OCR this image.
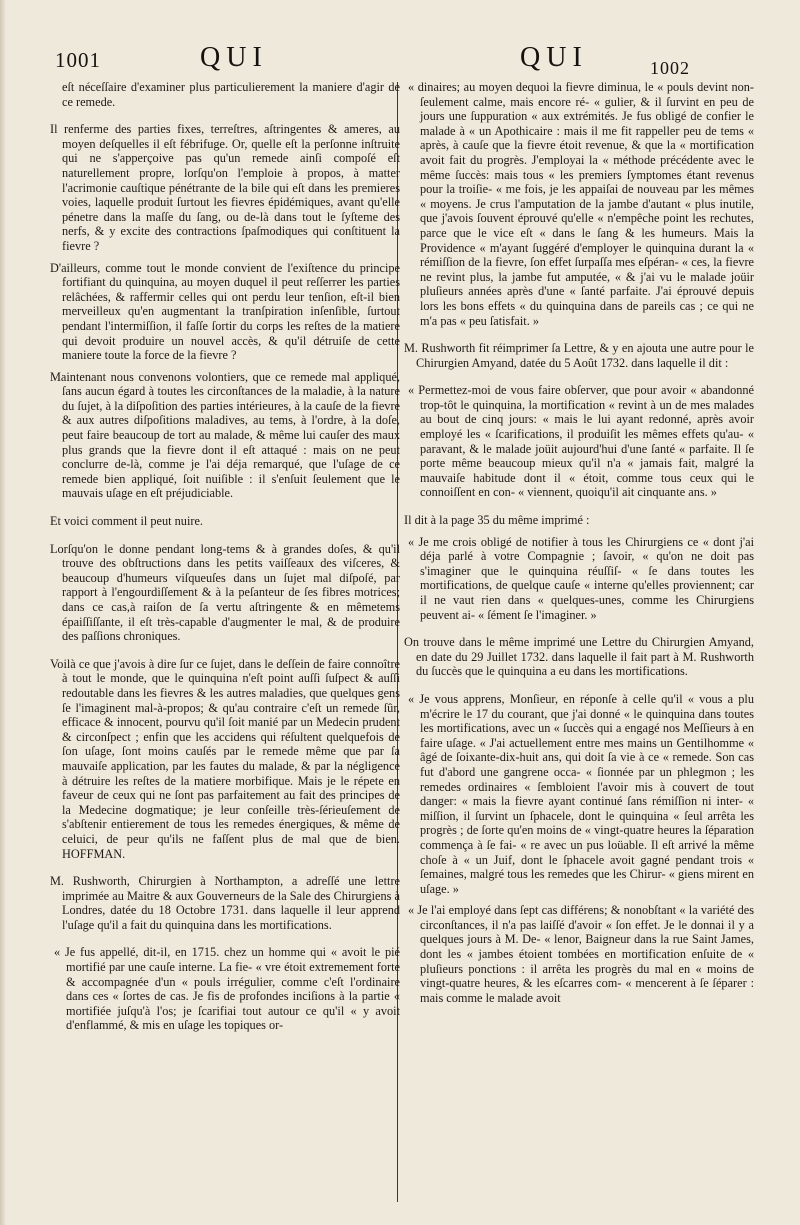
1001	QUI	QUI	1002

eſt néceſſaire d'examiner plus particulierement la maniere d'agir de ce remede.

Il renferme des parties fixes, terreſtres, aſtringentes & ameres, au moyen deſquelles il eſt fébrifuge. Or, quelle eſt la perſonne inſtruite qui ne s'apperçoive pas qu'un remede ainſi compoſé eſt naturellement propre, lorſqu'on l'emploie à propos, à matter l'acrimonie cauſtique pénétrante de la bile qui eſt dans les premieres voies, laquelle produit ſurtout les fievres épidémiques, avant qu'elle pénetre dans la maſſe du ſang, ou de-là dans tout le ſyſteme des nerfs, & y excite des contractions ſpaſmodiques qui conſtituent la fievre ?

D'ailleurs, comme tout le monde convient de l'exiſtence du principe fortifiant du quinquina, au moyen duquel il peut reſſerrer les parties relâchées, & raffermir celles qui ont perdu leur tenſion, eſt-il bien merveilleux qu'en augmentant la tranſpiration inſenſible, ſurtout pendant l'intermiſſion, il faſſe ſortir du corps les reſtes de la matiere qui devoit produire un nouvel accès, & qu'il détruiſe de cette maniere toute la force de la fievre ?

Maintenant nous convenons volontiers, que ce remede mal appliqué, ſans aucun égard à toutes les circonſtances de la maladie, à la nature du ſujet, à la diſpoſition des parties intérieures, à la cauſe de la fievre & aux autres diſpoſitions maladives, au tems, à l'ordre, à la doſe, peut faire beaucoup de tort au malade, & même lui cauſer des maux plus grands que la fievre dont il eſt attaqué : mais on ne peut conclurre de-là, comme je l'ai déja remarqué, que l'uſage de ce remede bien appliqué, ſoit nuiſible : il s'enſuit ſeulement que le mauvais uſage en eſt préjudiciable.

Et voici comment il peut nuire.

Lorſqu'on le donne pendant long-tems & à grandes doſes, & qu'il trouve des obſtructions dans les petits vaiſſeaux des viſceres, & beaucoup d'humeurs viſqueuſes dans un ſujet mal diſpoſé, par rapport à l'engourdiſſement & à la peſanteur de ſes fibres motrices; dans ce cas,à raiſon de ſa vertu aſtringente & en mêmetems épaiſſiſſante, il eſt très-capable d'augmenter le mal, & de produire des paſſions chroniques.

Voilà ce que j'avois à dire ſur ce ſujet, dans le deſſein de faire connoître à tout le monde, que le quinquina n'eſt point auſſi ſuſpect & auſſi redoutable dans les fievres & les autres maladies, que quelques gens ſe l'imaginent mal-à-propos; & qu'au contraire c'eſt un remede ſûr, efficace & innocent, pourvu qu'il ſoit manié par un Medecin prudent & circonſpect ; enfin que les accidens qui réſultent quelquefois de ſon uſage, ſont moins cauſés par le remede même que par ſa mauvaiſe application, par les fautes du malade, & par la négligence à détruire les reſtes de la matiere morbifique. Mais je le répete en faveur de ceux qui ne ſont pas parfaitement au fait des principes de la Medecine dogmatique; je leur conſeille très-ſérieuſement de s'abſtenir entierement de tous les remedes énergiques, & même de celuici, de peur qu'ils ne faſſent plus de mal que de bien. HOFFMAN.

M. Rushworth, Chirurgien à Northampton, a adreſſé une lettre imprimée au Maitre & aux Gouverneurs de la Sale des Chirurgiens à Londres, datée du 18 Octobre 1731. dans laquelle il leur apprend l'uſage qu'il a fait du quinquina dans les mortifications.

« Je fus appellé, dit-il, en 1715. chez un homme qui « avoit le pié mortifié par une cauſe interne. La fie- « vre étoit extremement forte & accompagnée d'un « pouls irrégulier, comme c'eſt l'ordinaire dans ces « ſortes de cas. Je fis de profondes inciſions à la partie « mortifiée juſqu'à l'os; je ſcarifiai tout autour ce qu'il « y avoit d'enflammé, & mis en uſage les topiques or-

« dinaires; au moyen dequoi la fievre diminua, le « pouls devint non-ſeulement calme, mais encore ré- « gulier, & il ſurvint en peu de jours une ſuppuration « aux extrémités. Je fus obligé de confier le malade à « un Apothicaire : mais il me fit rappeller peu de tems « après, à cauſe que la fievre étoit revenue, & que la « mortification avoit fait du progrès. J'employai la « méthode précédente avec le même ſuccès: mais tous « les premiers ſymptomes étant revenus pour la troiſie- « me fois, je les appaiſai de nouveau par les mêmes « moyens. Je crus l'amputation de la jambe d'autant « plus inutile, que j'avois ſouvent éprouvé qu'elle « n'empêche point les rechutes, parce que le vice eſt « dans le ſang & les humeurs. Mais la Providence « m'ayant ſuggéré d'employer le quinquina durant la « rémiſſion de la fievre, ſon effet ſurpaſſa mes eſpéran- « ces, la fievre ne revint plus, la jambe fut amputée, « & j'ai vu le malade joüir pluſieurs années après d'une « ſanté parfaite. J'ai éprouvé depuis lors les bons effets « du quinquina dans de pareils cas ; ce qui ne m'a pas « peu ſatisfait. »

M. Rushworth fit réimprimer ſa Lettre, & y en ajouta une autre pour le Chirurgien Amyand, datée du 5 Août 1732. dans laquelle il dit :

« Permettez-moi de vous faire obſerver, que pour avoir « abandonné trop-tôt le quinquina, la mortification « revint à un de mes malades au bout de cinq jours: « mais le lui ayant redonné, après avoir employé les « ſcarifications, il produiſit les mêmes effets qu'au- « paravant, & le malade joüit aujourd'hui d'une ſanté « parfaite. Il ſe porte même beaucoup mieux qu'il n'a « jamais fait, malgré la mauvaiſe habitude dont il « étoit, comme tous ceux qui le connoiſſent en con- « viennent, quoiqu'il ait cinquante ans. »

Il dit à la page 35 du même imprimé :

« Je me crois obligé de notifier à tous les Chirurgiens ce « dont j'ai déja parlé à votre Compagnie ; ſavoir, « qu'on ne doit pas s'imaginer que le quinquina réuſſiſ- « ſe dans toutes les mortifications, de quelque cauſe « interne qu'elles proviennent; car il ne vaut rien dans « quelques-unes, comme les Chirurgiens peuvent ai- « ſément ſe l'imaginer. »

On trouve dans le même imprimé une Lettre du Chirurgien Amyand, en date du 29 Juillet 1732. dans laquelle il fait part à M. Rushworth du ſuccès que le quinquina a eu dans les mortifications.

« Je vous apprens, Monſieur, en réponſe à celle qu'il « vous a plu m'écrire le 17 du courant, que j'ai donné « le quinquina dans toutes les mortifications, avec un « ſuccès qui a engagé nos Meſſieurs à en faire uſage. « J'ai actuellement entre mes mains un Gentilhomme « âgé de ſoixante-dix-huit ans, qui doit ſa vie à ce « remede. Son cas fut d'abord une gangrene occa- « ſionnée par un phlegmon ; les remedes ordinaires « ſembloient l'avoir mis à couvert de tout danger: « mais la fievre ayant continué ſans rémiſſion ni inter- « miſſion, il ſurvint un ſphacele, dont le quinquina « ſeul arrêta les progrès ; de ſorte qu'en moins de « vingt-quatre heures la ſéparation commença à ſe fai- « re avec un pus loüable. Il eſt arrivé la même choſe à « un Juif, dont le ſphacele avoit gagné pendant trois « ſemaines, malgré tous les remedes que les Chirur- « giens mirent en uſage. »

« Je l'ai employé dans ſept cas différens; & nonobſtant « la variété des circonſtances, il n'a pas laiſſé d'avoir « ſon effet. Je le donnai il y a quelques jours à M. De- « lenor, Baigneur dans la rue Saint James, dont les « jambes étoient tombées en mortification enſuite de « pluſieurs ponctions : il arrêta les progrès du mal en « moins de vingt-quatre heures, & les eſcarres com- « mencerent à ſe ſéparer : mais comme le malade avoit
